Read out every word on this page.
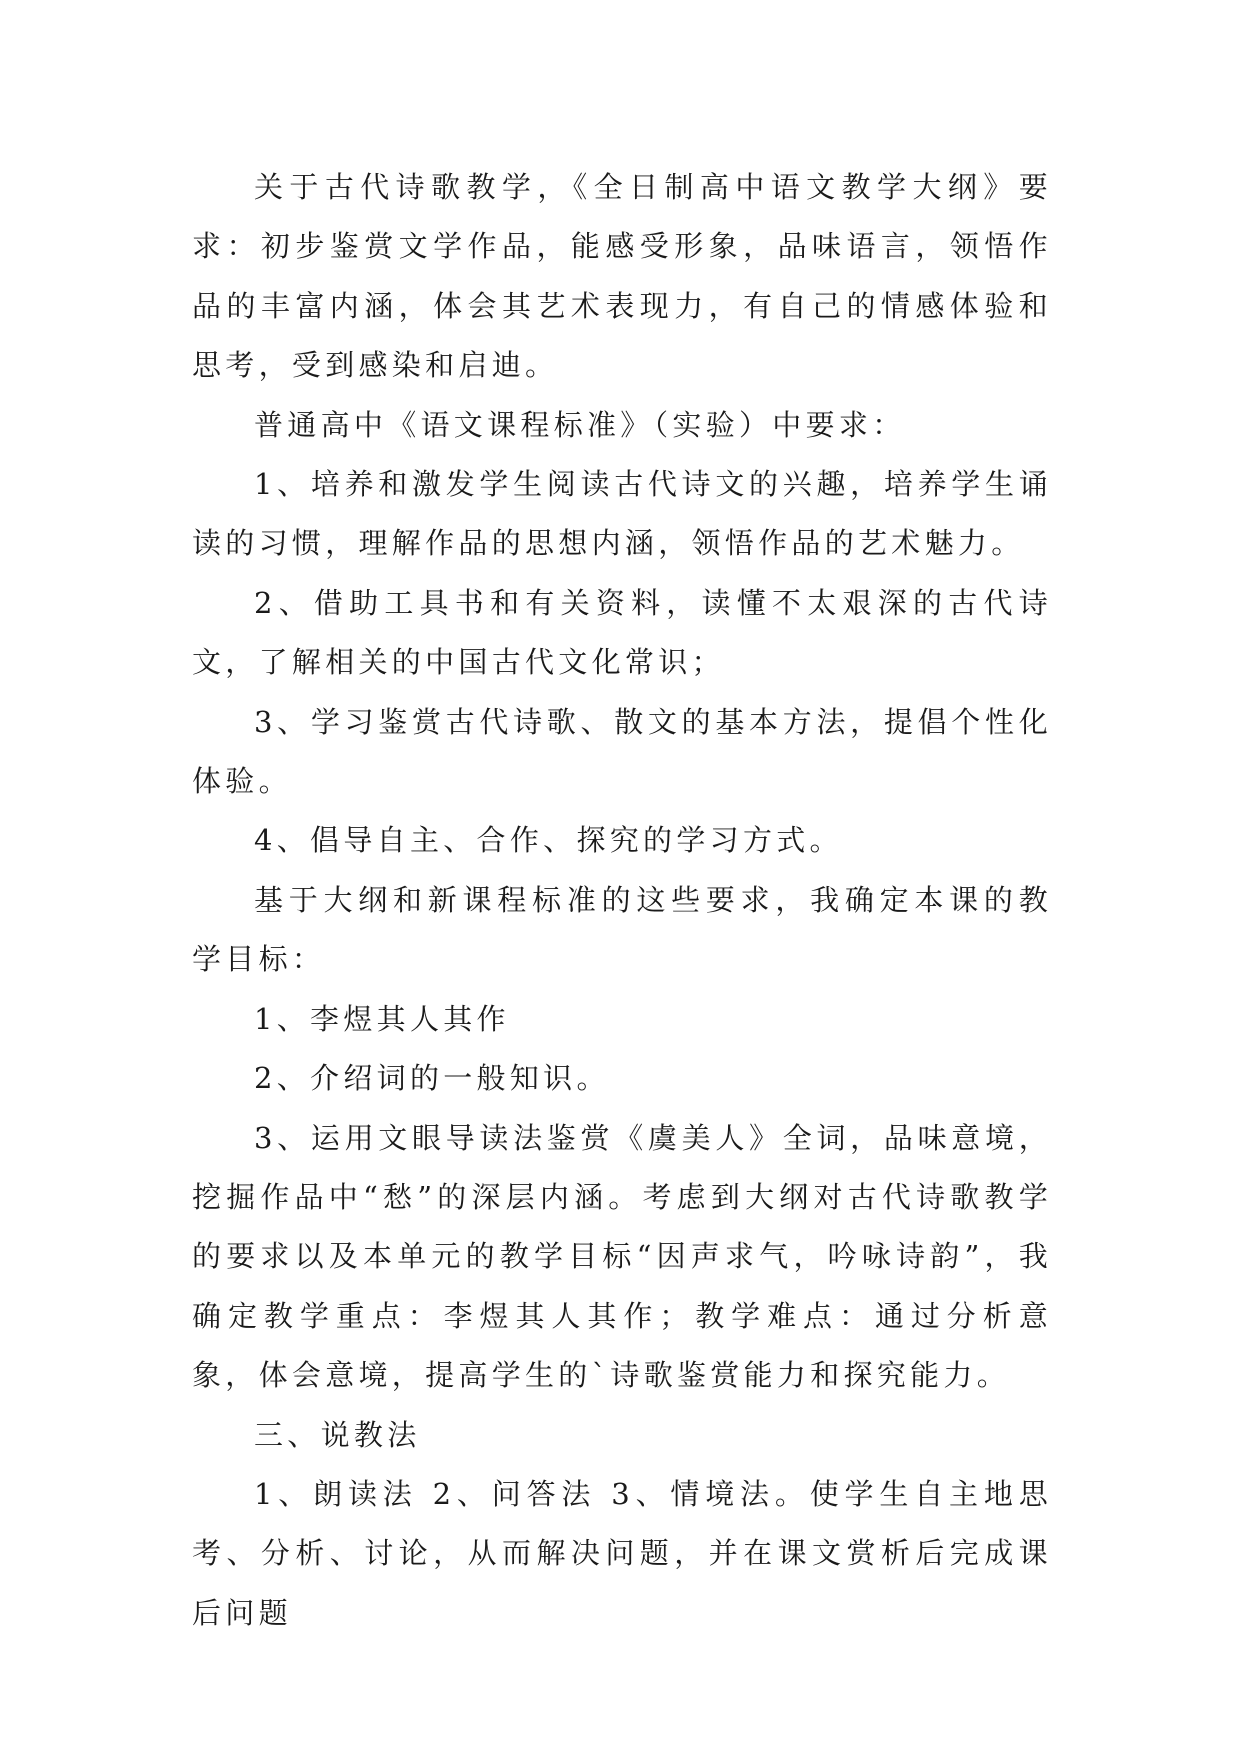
关于古代诗歌教学，《全日制高中语文教学大纲》要求：初步鉴赏文学作品，能感受形象，品味语言，领悟作品的丰富内涵，体会其艺术表现力，有自己的情感体验和思考，受到感染和启迪。

普通高中《语文课程标准》（实验）中要求：

1、培养和激发学生阅读古代诗文的兴趣，培养学生诵读的习惯，理解作品的思想内涵，领悟作品的艺术魅力。

2、借助工具书和有关资料，读懂不太艰深的古代诗文，了解相关的中国古代文化常识；

3、学习鉴赏古代诗歌、散文的基本方法，提倡个性化体验。

4、倡导自主、合作、探究的学习方式。

基于大纲和新课程标准的这些要求，我确定本课的教学目标：

1、李煜其人其作

2、介绍词的一般知识。

3、运用文眼导读法鉴赏《虞美人》全词，品味意境，挖掘作品中“愁”的深层内涵。考虑到大纲对古代诗歌教学的要求以及本单元的教学目标“因声求气，吟咏诗韵”，我确定教学重点：李煜其人其作；教学难点：通过分析意象，体会意境，提高学生的`诗歌鉴赏能力和探究能力。

三、说教法

1、朗读法 2、问答法 3、情境法。使学生自主地思考、分析、讨论，从而解决问题，并在课文赏析后完成课后问题
